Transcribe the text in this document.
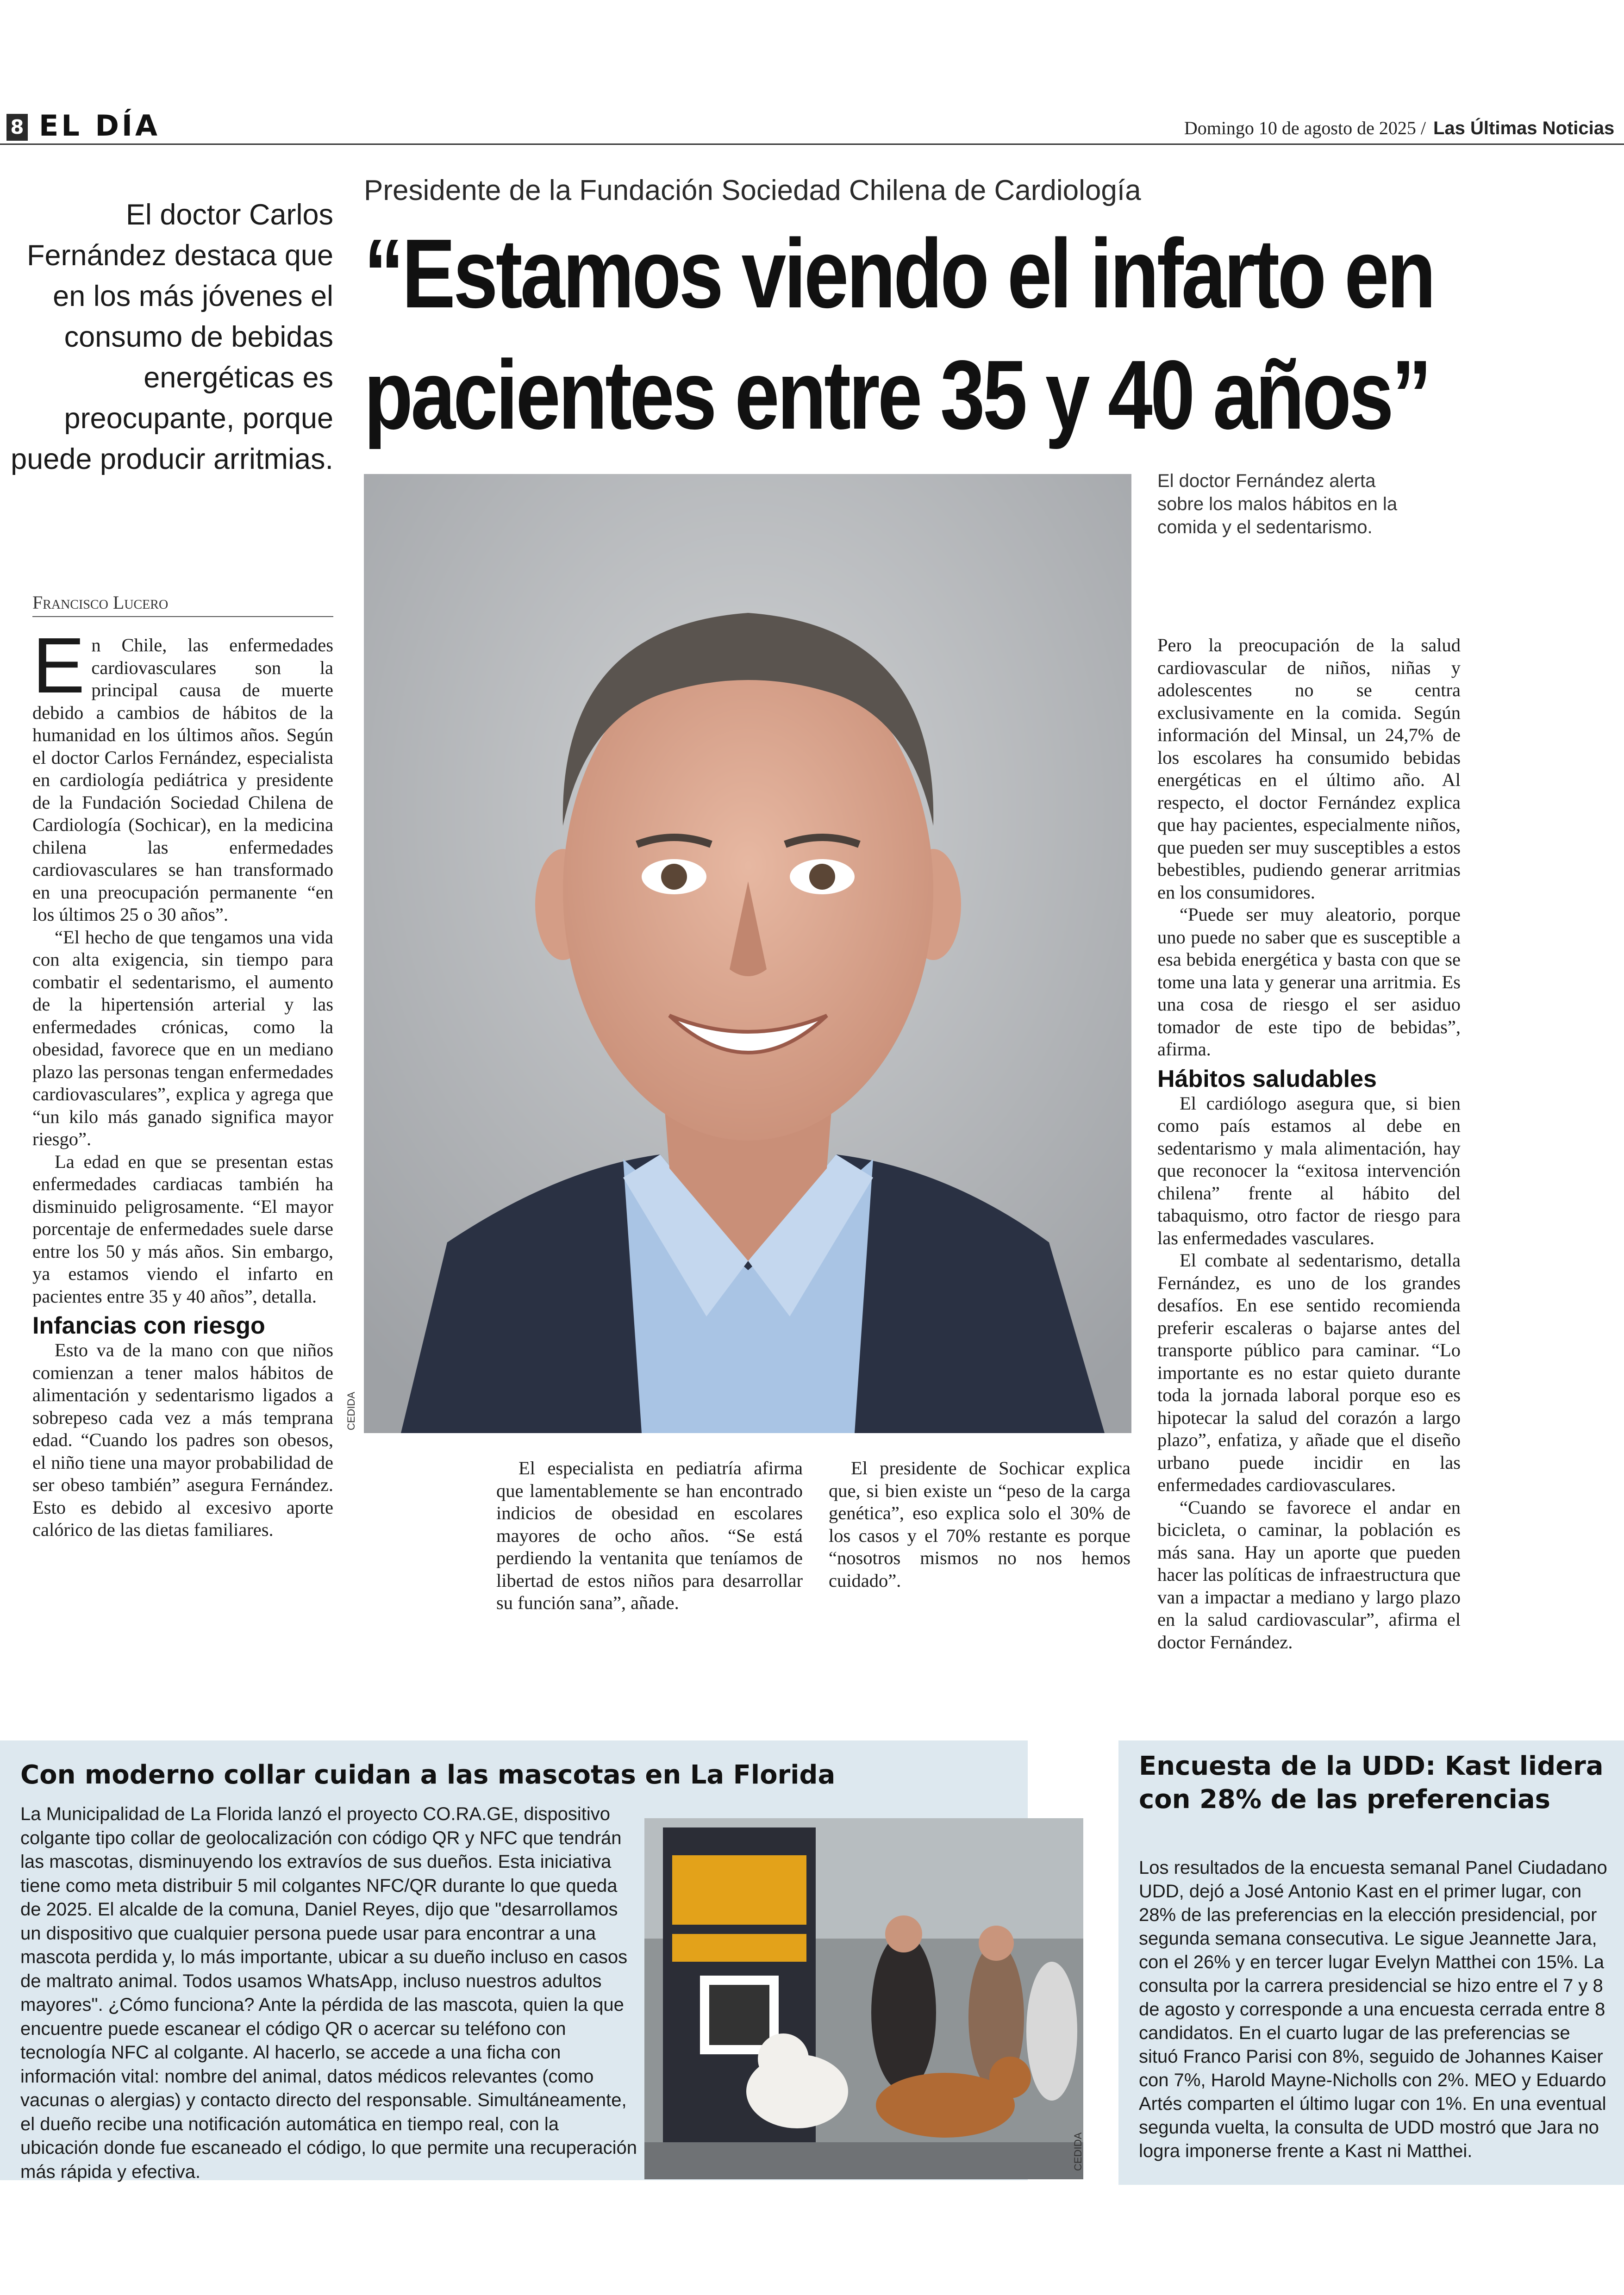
8 EL DÍA	Domingo 10 de agosto de 2025 / Las Últimas Noticias
El doctor Carlos Fernández destaca que en los más jóvenes el consumo de bebidas energéticas es preocupante, porque puede producir arritmias.
Presidente de la Fundación Sociedad Chilena de Cardiología
“Estamos viendo el infarto en
pacientes entre 35 y 40 años”
CEDIDA
El doctor Fernández alerta sobre los malos hábitos en la comida y el sedentarismo.
Francisco Lucero

En Chile, las enfermedades cardiovasculares son la principal causa de muerte debido a cambios de hábitos de la humanidad en los últimos años. Según el doctor Carlos Fernández, especialista en cardiología pediátrica y presidente de la Fundación Sociedad Chilena de Cardiología (Sochicar), en la medicina chilena las enfermedades cardiovasculares se han transformado en una preocupación permanente “en los últimos 25 o 30 años”.

“El hecho de que tengamos una vida con alta exigencia, sin tiempo para combatir el sedentarismo, el aumento de la hipertensión arterial y las enfermedades crónicas, como la obesidad, favorece que en un mediano plazo las personas tengan enfermedades cardiovasculares”, explica y agrega que “un kilo más ganado significa mayor riesgo”.

La edad en que se presentan estas enfermedades cardiacas también ha disminuido peligrosamente. “El mayor porcentaje de enfermedades suele darse entre los 50 y más años. Sin embargo, ya estamos viendo el infarto en pacientes entre 35 y 40 años”, detalla.

Infancias con riesgo

Esto va de la mano con que niños comienzan a tener malos hábitos de alimentación y sedentarismo ligados a sobrepeso cada vez a más temprana edad. “Cuando los padres son obesos, el niño tiene una mayor probabilidad de ser obeso también” asegura Fernández. Esto es debido al excesivo aporte calórico de las dietas familiares.

El especialista en pediatría afirma que lamentablemente se han encontrado indicios de obesidad en escolares mayores de ocho años. “Se está perdiendo la ventanita que teníamos de libertad de estos niños para desarrollar su función sana”, añade.

El presidente de Sochicar explica que, si bien existe un “peso de la carga genética”, eso explica solo el 30% de los casos y el 70% restante es porque “nosotros mismos no nos hemos cuidado”.

Pero la preocupación de la salud cardiovascular de niños, niñas y adolescentes no se centra exclusivamente en la comida. Según información del Minsal, un 24,7% de los escolares ha consumido bebidas energéticas en el último año. Al respecto, el doctor Fernández explica que hay pacientes, especialmente niños, que pueden ser muy susceptibles a estos bebestibles, pudiendo generar arritmias en los consumidores.

“Puede ser muy aleatorio, porque uno puede no saber que es susceptible a esa bebida energética y basta con que se tome una lata y generar una arritmia. Es una cosa de riesgo el ser asiduo tomador de este tipo de bebidas”, afirma.

Hábitos saludables

El cardiólogo asegura que, si bien como país estamos al debe en sedentarismo y mala alimentación, hay que reconocer la “exitosa intervención chilena” frente al hábito del tabaquismo, otro factor de riesgo para las enfermedades vasculares.

El combate al sedentarismo, detalla Fernández, es uno de los grandes desafíos. En ese sentido recomienda preferir escaleras o bajarse antes del transporte público para caminar. “Lo importante es no estar quieto durante toda la jornada laboral porque eso es hipotecar la salud del corazón a largo plazo”, enfatiza, y añade que el diseño urbano puede incidir en las enfermedades cardiovasculares.

“Cuando se favorece el andar en bicicleta, o caminar, la población es más sana. Hay un aporte que pueden hacer las políticas de infraestructura que van a impactar a mediano y largo plazo en la salud cardiovascular”, afirma el doctor Fernández.

Con moderno collar cuidan a las mascotas en La Florida
La Municipalidad de La Florida lanzó el proyecto CO.RA.GE, dispositivo colgante tipo collar de geolocalización con código QR y NFC que tendrán las mascotas, disminuyendo los extravíos de sus dueños. Esta iniciativa tiene como meta distribuir 5 mil colgantes NFC/QR durante lo que queda de 2025. El alcalde de la comuna, Daniel Reyes, dijo que "desarrollamos un dispositivo que cualquier persona puede usar para encontrar a una mascota perdida y, lo más importante, ubicar a su dueño incluso en casos de maltrato animal. Todos usamos WhatsApp, incluso nuestros adultos mayores". ¿Cómo funciona? Ante la pérdida de las mascota, quien la que encuentre puede escanear el código QR o acercar su teléfono con tecnología NFC al colgante. Al hacerlo, se accede a una ficha con información vital: nombre del animal, datos médicos relevantes (como vacunas o alergias) y contacto directo del responsable. Simultáneamente, el dueño recibe una notificación automática en tiempo real, con la ubicación donde fue escaneado el código, lo que permite una recuperación más rápida y efectiva.
CEDIDA
Encuesta de la UDD: Kast lidera con 28% de las preferencias
Los resultados de la encuesta semanal Panel Ciudadano UDD, dejó a José Antonio Kast en el primer lugar, con 28% de las preferencias en la elección presidencial, por segunda semana consecutiva. Le sigue Jeannette Jara, con el 26% y en tercer lugar Evelyn Matthei con 15%. La consulta por la carrera presidencial se hizo entre el 7 y 8 de agosto y corresponde a una encuesta cerrada entre 8 candidatos. En el cuarto lugar de las preferencias se situó Franco Parisi con 8%, seguido de Johannes Kaiser con 7%, Harold Mayne-Nicholls con 2%. MEO y Eduardo Artés comparten el último lugar con 1%. En una eventual segunda vuelta, la consulta de UDD mostró que Jara no logra imponerse frente a Kast ni Matthei.
